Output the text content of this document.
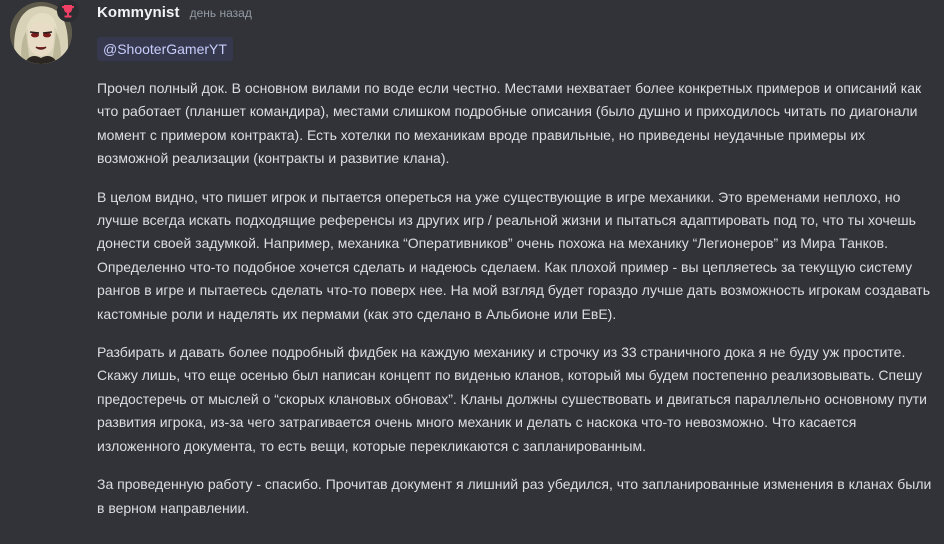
Kommynist день назад
@ShooterGamerYT

Прочел полный док. В основном вилами по воде если честно. Местами нехватает более конкретных примеров и описаний как что работает (планшет командира), местами слишком подробные описания (было душно и приходилось читать по диагонали момент с примером контракта). Есть хотелки по механикам вроде правильные, но приведены неудачные примеры их возможной реализации (контракты и развитие клана).

В целом видно, что пишет игрок и пытается опереться на уже существующие в игре механики. Это временами неплохо, но лучше всегда искать подходящие референсы из других игр / реальной жизни и пытаться адаптировать под то, что ты хочешь донести своей задумкой. Например, механика “Оперативников” очень похожа на механику “Легионеров” из Мира Танков. Определенно что-то подобное хочется сделать и надеюсь сделаем. Как плохой пример - вы цепляетесь за текущую систему рангов в игре и пытаетесь сделать что-то поверх нее. На мой взгляд будет гораздо лучше дать возможность игрокам создавать кастомные роли и наделять их пермами (как это сделано в Альбионе или ЕвЕ).

Разбирать и давать более подробный фидбек на каждую механику и строчку из 33 страничного дока я не буду уж простите. Скажу лишь, что еще осенью был написан концепт по виденью кланов, который мы будем постепенно реализовывать. Спешу предостеречь от мыслей о “скорых клановых обновах”. Кланы должны сушествовать и двигаться параллельно основному пути развития игрока, из-за чего затрагивается очень много механик и делать с наскока что-то невозможно. Что касается изложенного документа, то есть вещи, которые перекликаются с запланированным.

За проведенную работу - спасибо. Прочитав документ я лишний раз убедился, что запланированные изменения в кланах были в верном направлении.
